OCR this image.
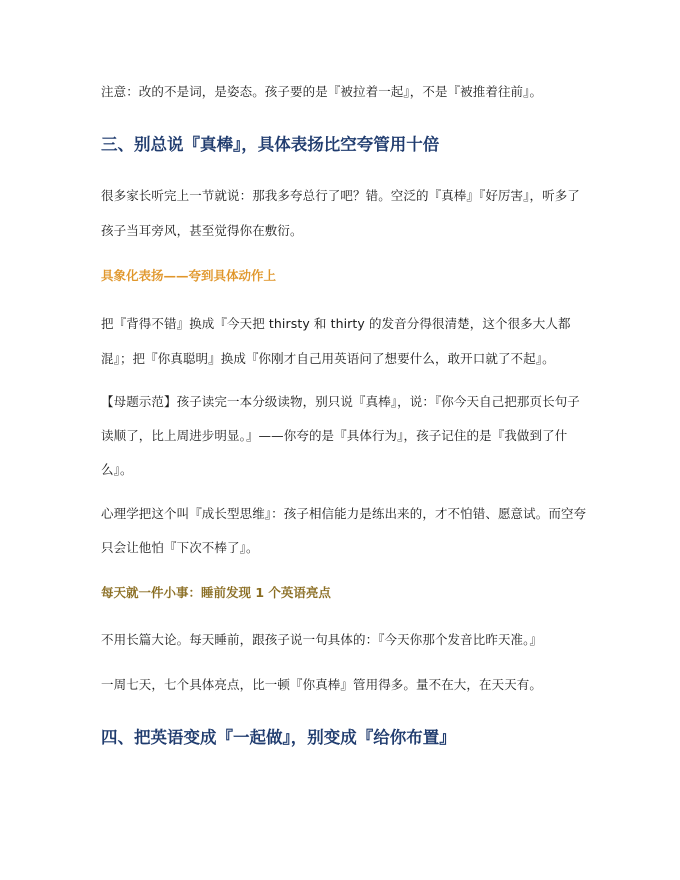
注意：改的不是词，是姿态。孩子要的是『被拉着一起』，不是『被推着往前』。
三、别总说『真棒』，具体表扬比空夸管用十倍
很多家长听完上一节就说：那我多夸总行了吧？错。空泛的『真棒』『好厉害』，听多了
孩子当耳旁风，甚至觉得你在敷衍。
具象化表扬——夸到具体动作上
把『背得不错』换成『今天把 thirsty 和 thirty 的发音分得很清楚，这个很多大人都
混』；把『你真聪明』换成『你刚才自己用英语问了想要什么，敢开口就了不起』。
【母题示范】孩子读完一本分级读物，别只说『真棒』，说：『你今天自己把那页长句子
读顺了，比上周进步明显。』——你夸的是『具体行为』，孩子记住的是『我做到了什
么』。
心理学把这个叫『成长型思维』：孩子相信能力是练出来的，才不怕错、愿意试。而空夸
只会让他怕『下次不棒了』。
每天就一件小事：睡前发现 1 个英语亮点
不用长篇大论。每天睡前，跟孩子说一句具体的：『今天你那个发音比昨天准。』
一周七天，七个具体亮点，比一顿『你真棒』管用得多。量不在大，在天天有。
四、把英语变成『一起做』，别变成『给你布置』
